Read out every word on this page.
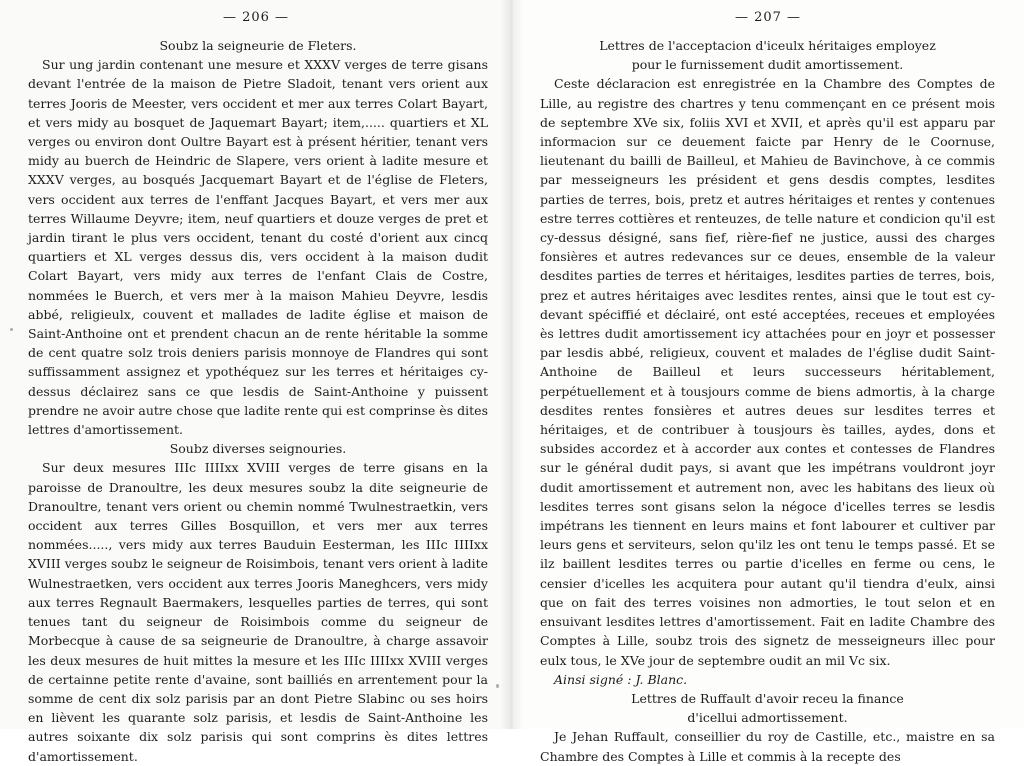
— 206 —

Soubz la seigneurie de Fleters.

Sur ung jardin contenant une mesure et XXXV verges de terre gisans devant l'entrée de la maison de Pietre Sladoit, tenant vers orient aux terres Jooris de Meester, vers occident et mer aux terres Colart Bayart, et vers midy au bosquet de Jaquemart Bayart; item,..... quartiers et XL verges ou environ dont Oultre Bayart est à présent héritier, tenant vers midy au buerch de Heindric de Slapere, vers orient à ladite mesure et XXXV verges, au bosqués Jacquemart Bayart et de l'église de Fleters, vers occident aux terres de l'enffant Jacques Bayart, et vers mer aux terres Willaume Deyvre; item, neuf quartiers et douze verges de pret et jardin tirant le plus vers occident, tenant du costé d'orient aux cincq quartiers et XL verges dessus dis, vers occident à la maison dudit Colart Bayart, vers midy aux terres de l'enfant Clais de Costre, nommées le Buerch, et vers mer à la maison Mahieu Deyvre, lesdis abbé, religieulx, couvent et mallades de ladite église et maison de Saint-Anthoine ont et prendent chacun an de rente héritable la somme de cent quatre solz trois deniers parisis monnoye de Flandres qui sont suffissamment assignez et ypothéquez sur les terres et héritaiges cy-dessus déclairez sans ce que lesdis de Saint-Anthoine y puissent prendre ne avoir autre chose que ladite rente qui est comprinse ès dites lettres d'amortissement.

Soubz diverses seignouries.

Sur deux mesures IIIc IIIIxx XVIII verges de terre gisans en la paroisse de Dranoultre, les deux mesures soubz la dite seigneurie de Dranoultre, tenant vers orient ou chemin nommé Twulnestraetkin, vers occident aux terres Gilles Bosquillon, et vers mer aux terres nommées....., vers midy aux terres Bauduin Eesterman, les IIIc IIIIxx XVIII verges soubz le seigneur de Roisimbois, tenant vers orient à ladite Wulnestraetken, vers occident aux terres Jooris Maneghcers, vers midy aux terres Regnault Baermakers, lesquelles parties de terres, qui sont tenues tant du seigneur de Roisimbois comme du seigneur de Morbecque à cause de sa seigneurie de Dranoultre, à charge assavoir les deux mesures de huit mittes la mesure et les IIIc IIIIxx XVIII verges de certainne petite rente d'avaine, sont bailliés en arrentement pour la somme de cent dix solz parisis par an dont Pietre Slabinc ou ses hoirs en lièvent les quarante solz parisis, et lesdis de Saint-Anthoine les autres soixante dix solz parisis qui sont comprins ès dites lettres d'amortissement.

— 207 —

Lettres de l'acceptacion d'iceulx héritaiges employez

pour le furnissement dudit amortissement.

Ceste déclaracion est enregistrée en la Chambre des Comptes de Lille, au registre des chartres y tenu commençant en ce présent mois de septembre XVe six, foliis XVI et XVII, et après qu'il est apparu par informacion sur ce deuement faicte par Henry de le Coornuse, lieutenant du bailli de Bailleul, et Mahieu de Bavinchove, à ce commis par messeigneurs les président et gens desdis comptes, lesdites parties de terres, bois, pretz et autres héritaiges et rentes y contenues estre terres cottières et renteuzes, de telle nature et condicion qu'il est cy-dessus désigné, sans fief, rière-fief ne justice, aussi des charges fonsières et autres redevances sur ce deues, ensemble de la valeur desdites parties de terres et héritaiges, lesdites parties de terres, bois, prez et autres héritaiges avec lesdites rentes, ainsi que le tout est cy-devant spéciffié et déclairé, ont esté acceptées, receues et employées ès lettres dudit amortissement icy attachées pour en joyr et possesser par lesdis abbé, religieux, couvent et malades de l'église dudit Saint-Anthoine de Bailleul et leurs successeurs héritablement, perpétuellement et à tousjours comme de biens admortis, à la charge desdites rentes fonsières et autres deues sur lesdites terres et héritaiges, et de contribuer à tousjours ès tailles, aydes, dons et subsides accordez et à accorder aux contes et contesses de Flandres sur le général dudit pays, si avant que les impétrans vouldront joyr dudit amortissement et autrement non, avec les habitans des lieux où lesdites terres sont gisans selon la négoce d'icelles terres se lesdis impétrans les tiennent en leurs mains et font labourer et cultiver par leurs gens et serviteurs, selon qu'ilz les ont tenu le temps passé. Et se ilz baillent lesdites terres ou partie d'icelles en ferme ou cens, le censier d'icelles les acquitera pour autant qu'il tiendra d'eulx, ainsi que on fait des terres voisines non admorties, le tout selon et en ensuivant lesdites lettres d'amortissement. Fait en ladite Chambre des Comptes à Lille, soubz trois des signetz de messeigneurs illec pour eulx tous, le XVe jour de septembre oudit an mil Vc six.

Ainsi signé : J. Blanc.

Lettres de Ruffault d'avoir receu la finance

d'icellui admortissement.

Je Jehan Ruffault, conseillier du roy de Castille, etc., maistre en sa Chambre des Comptes à Lille et commis à la recepte des
